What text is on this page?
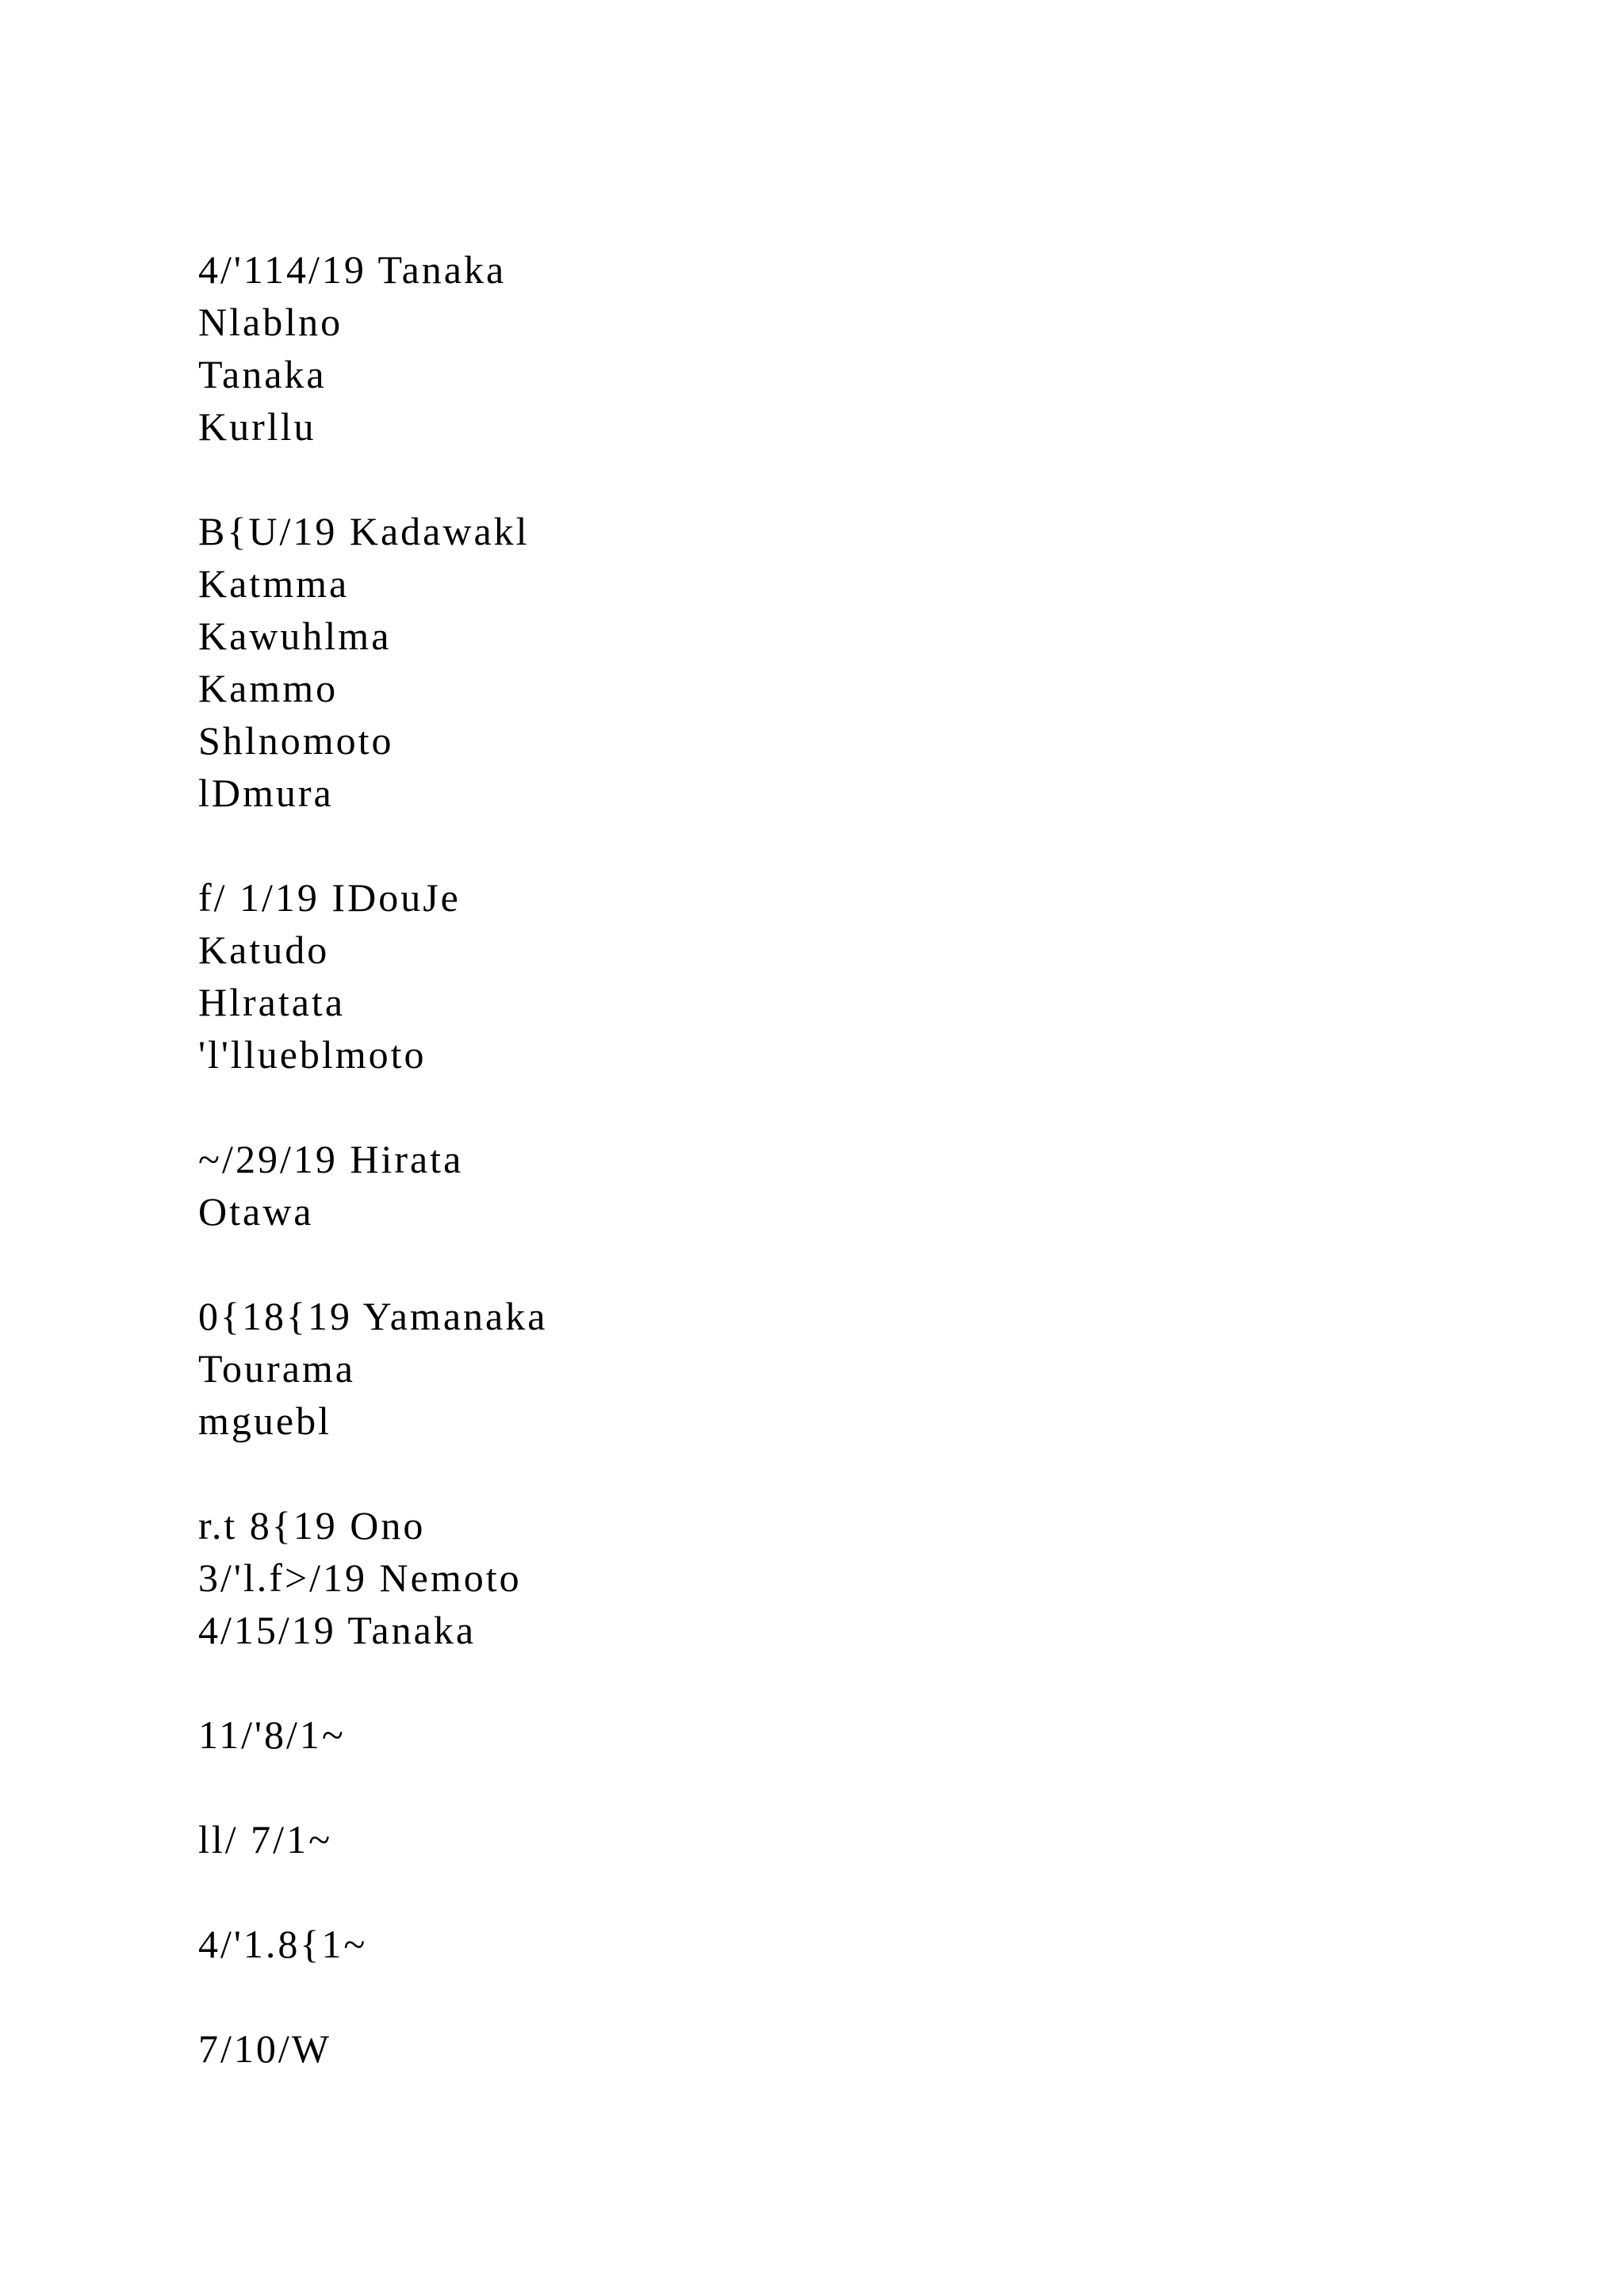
4/'114/19 Tanaka
Nlablno
Tanaka
Kurllu
B{U/19 Kadawakl
Katmma
Kawuhlma
Kammo
Shlnomoto
lDmura
f/ 1/19 IDouJe
Katudo
Hlratata
'l'llueblmoto
~/29/19 Hirata
Otawa
0{18{19 Yamanaka
Tourama
mguebl
r.t 8{19 Ono
3/'l.f>/19 Nemoto
4/15/19 Tanaka
11/'8/1~
ll/ 7/1~
4/'1.8{1~
7/10/W
